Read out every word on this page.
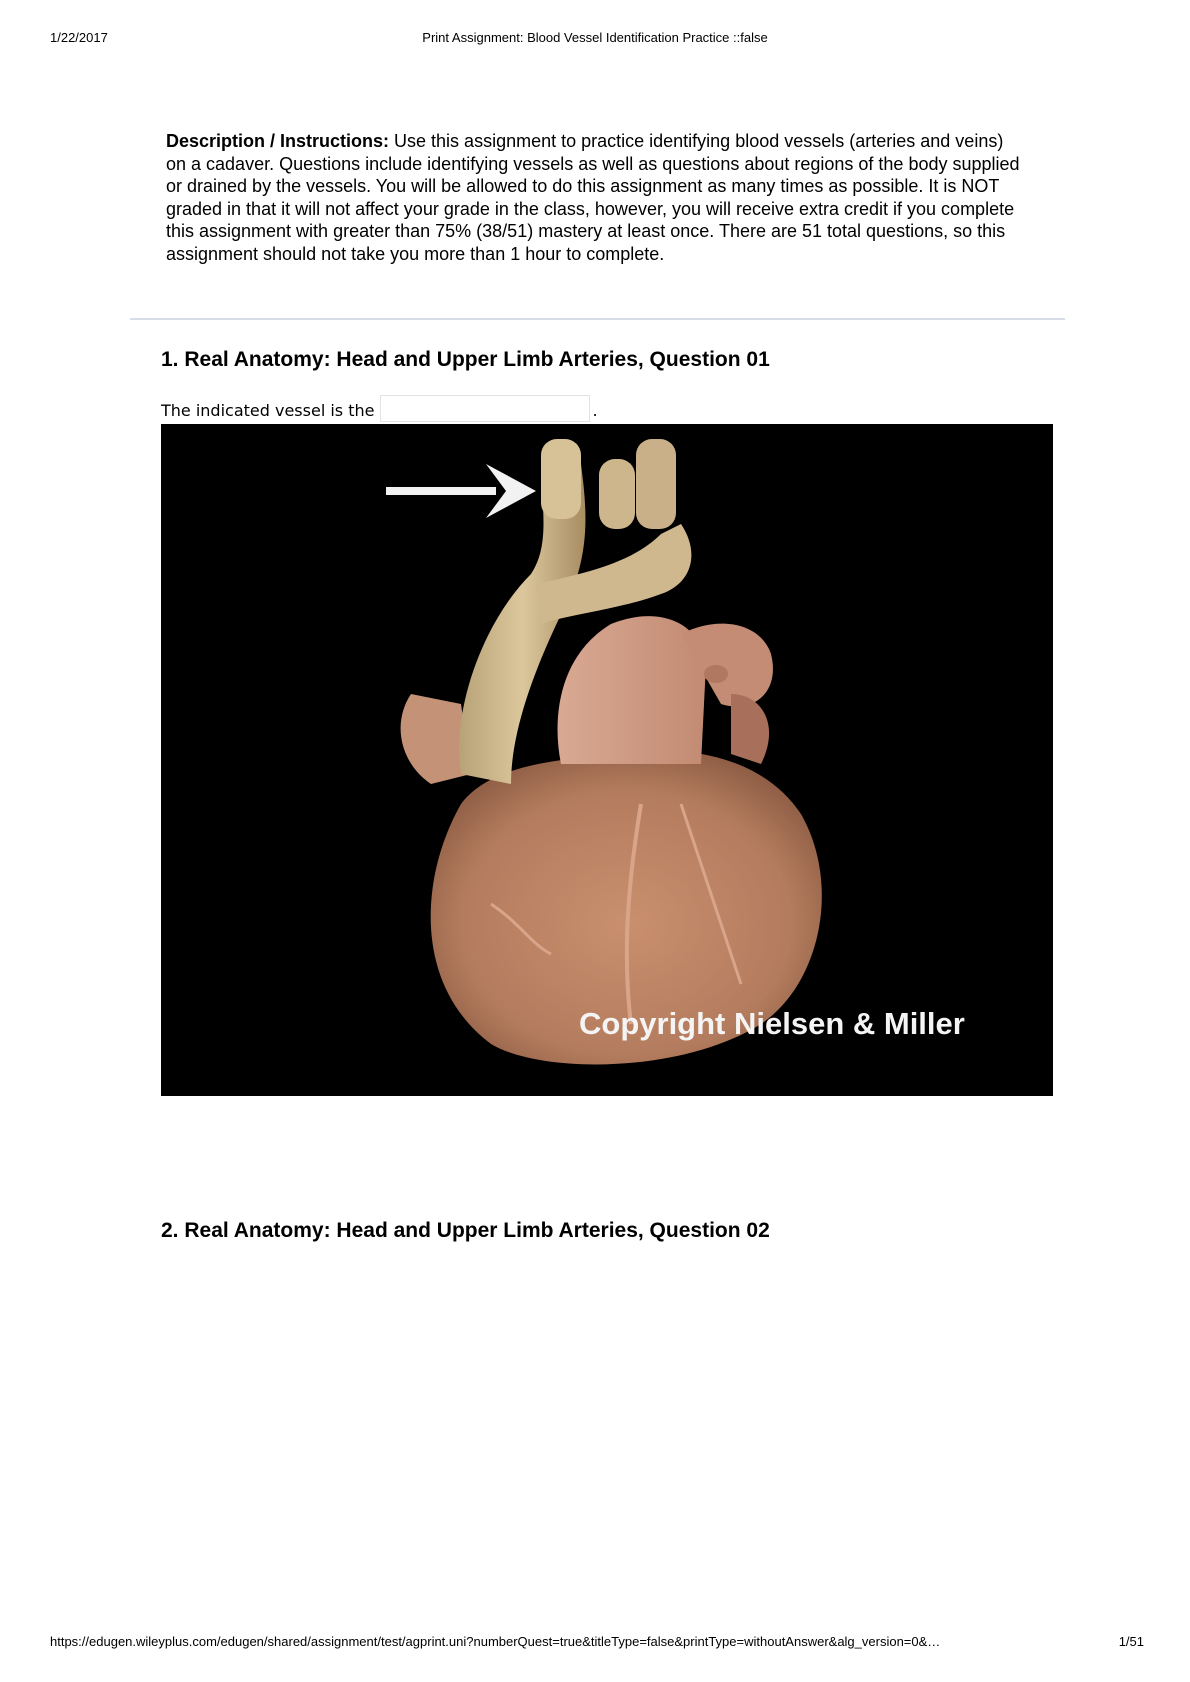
1/22/2017	Print Assignment: Blood Vessel Identification Practice ::false
Description / Instructions: Use this assignment to practice identifying blood vessels (arteries and veins) on a cadaver. Questions include identifying vessels as well as questions about regions of the body supplied or drained by the vessels. You will be allowed to do this assignment as many times as possible. It is NOT graded in that it will not affect your grade in the class, however, you will receive extra credit if you complete this assignment with greater than 75% (38/51) mastery at least once. There are 51 total questions, so this assignment should not take you more than 1 hour to complete.
1. Real Anatomy: Head and Upper Limb Arteries, Question 01
The indicated vessel is the	.
Copyright Nielsen & Miller
2. Real Anatomy: Head and Upper Limb Arteries, Question 02
https://edugen.wileyplus.com/edugen/shared/assignment/test/agprint.uni?numberQuest=true&titleType=false&printType=withoutAnswer&alg_version=0&…	1/51
